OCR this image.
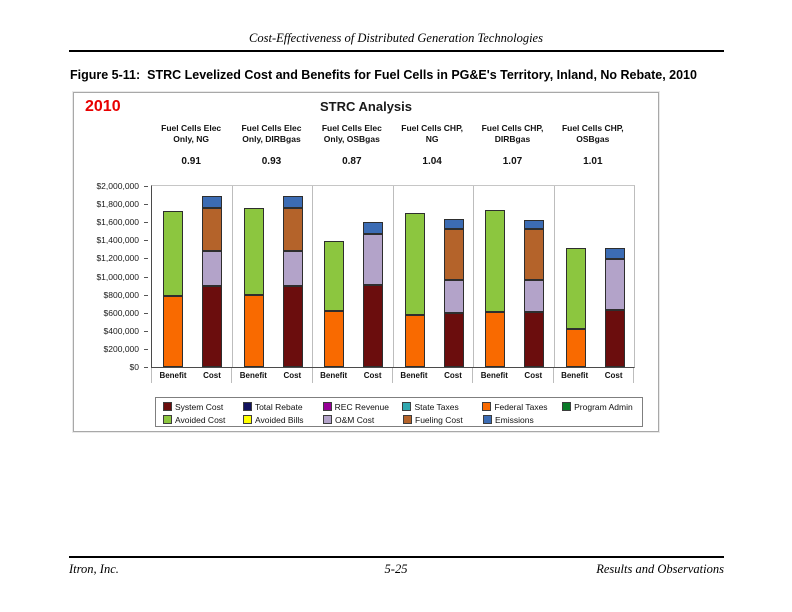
Cost-Effectiveness of Distributed Generation Technologies
Figure 5-11:  STRC Levelized Cost and Benefits for Fuel Cells in PG&E's Territory, Inland, No Rebate, 2010
2010	STRC Analysis
Fuel Cells Elec
Only, NG
0.91
Fuel Cells Elec
Only, DIRBgas
0.93
Fuel Cells Elec
Only, OSBgas
0.87
Fuel Cells CHP,
NG
1.04
Fuel Cells CHP,
DIRBgas
1.07
Fuel Cells CHP,
OSBgas
1.01
$2,000,000
$1,800,000
$1,600,000
$1,400,000
$1,200,000
$1,000,000
$800,000
$600,000
$400,000
$200,000
$0
Benefit	Cost	Benefit	Cost	Benefit	Cost	Benefit	Cost	Benefit	Cost	Benefit	Cost
System Cost	Total Rebate	REC Revenue	State Taxes	Federal Taxes	Program Admin
Avoided Cost	Avoided Bills	O&M Cost	Fueling Cost	Emissions
Itron, Inc.	5-25	Results and Observations
